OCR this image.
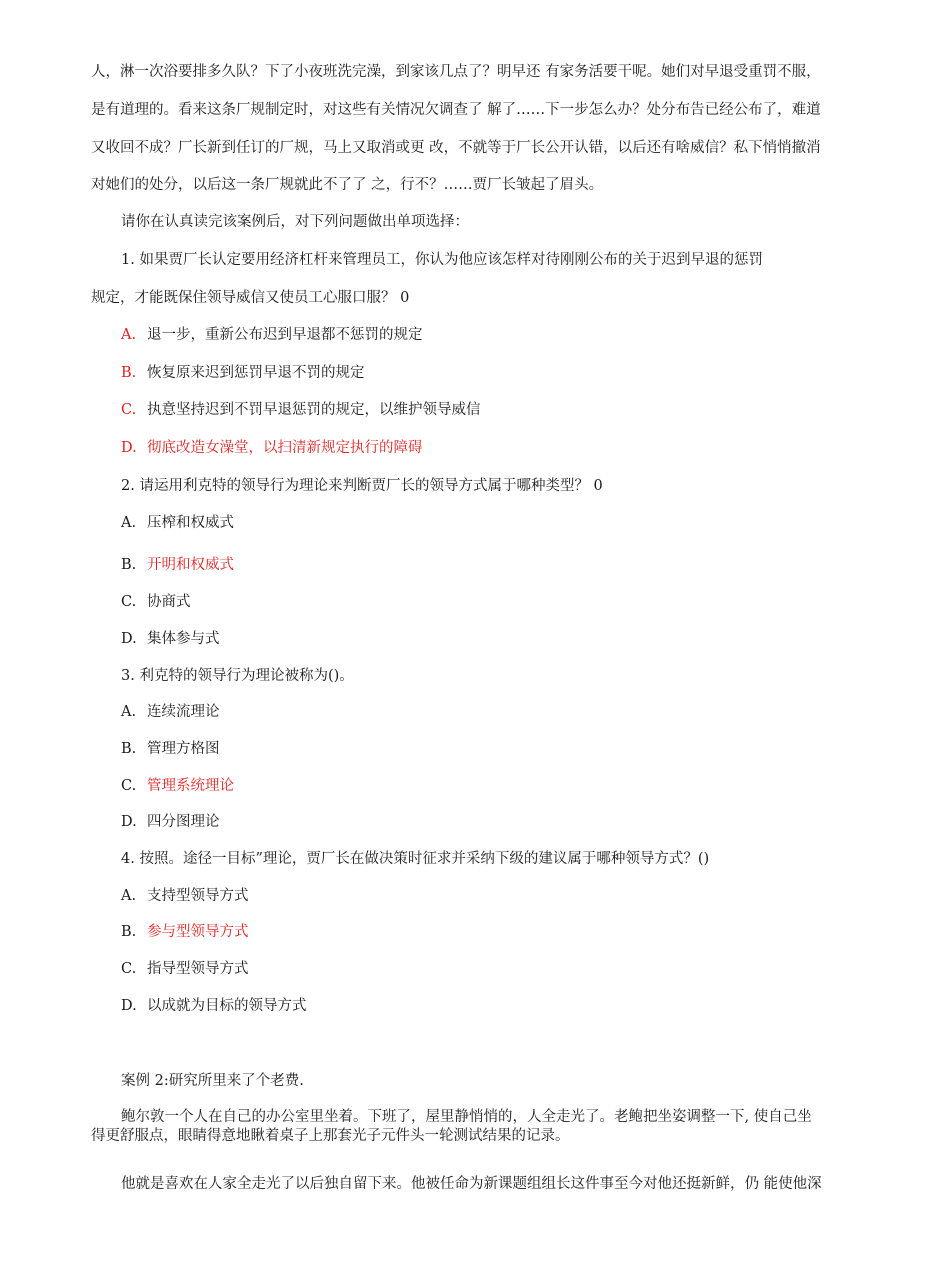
人，淋一次浴要排多久队？下了小夜班洗完澡，到家该几点了？明早还 有家务活要干呢。她们对早退受重罚不服，
是有道理的。看来这条厂规制定时，对这些有关情况欠调查了 解了……下一步怎么办？处分布告已经公布了，难道
又收回不成？厂长新到任订的厂规，马上又取消或更 改，不就等于厂长公开认错，以后还有啥威信？私下悄悄撤消
对她们的处分，以后这一条厂规就此不了了 之，行不？……贾厂长皱起了眉头。
请你在认真读完该案例后，对下列问题做出单项选择：
1. 如果贾厂长认定要用经济杠杆来管理员工，你认为他应该怎样对待刚刚公布的关于迟到早退的惩罚
规定，才能既保住领导威信又使员工心服口服？ 0
A. 退一步，重新公布迟到早退都不惩罚的规定
B. 恢复原来迟到惩罚早退不罚的规定
C. 执意坚持迟到不罚早退惩罚的规定，以维护领导威信
D. 彻底改造女澡堂，以扫清新规定执行的障碍
2. 请运用利克特的领导行为理论来判断贾厂长的领导方式属于哪种类型？ 0
A. 压榨和权威式
B. 开明和权威式
C. 协商式
D. 集体参与式
3. 利克特的领导行为理论被称为()。
A. 连续流理论
B. 管理方格图
C. 管理系统理论
D. 四分图理论
4. 按照。途径一目标”理论，贾厂长在做决策时征求并采纳下级的建议属于哪种领导方式？()
A. 支持型领导方式
B. 参与型领导方式
C. 指导型领导方式
D. 以成就为目标的领导方式
案例 2:研究所里来了个老费.
鲍尔敦一个人在自己的办公室里坐着。下班了，屋里静悄悄的，人全走光了。老鲍把坐姿调整一下, 使自己坐
得更舒服点，眼睛得意地瞅着桌子上那套光子元件头一轮测试结果的记录。
他就是喜欢在人家全走光了以后独自留下来。他被任命为新课题组组长这件事至今对他还挺新鲜，仍 能使他深
